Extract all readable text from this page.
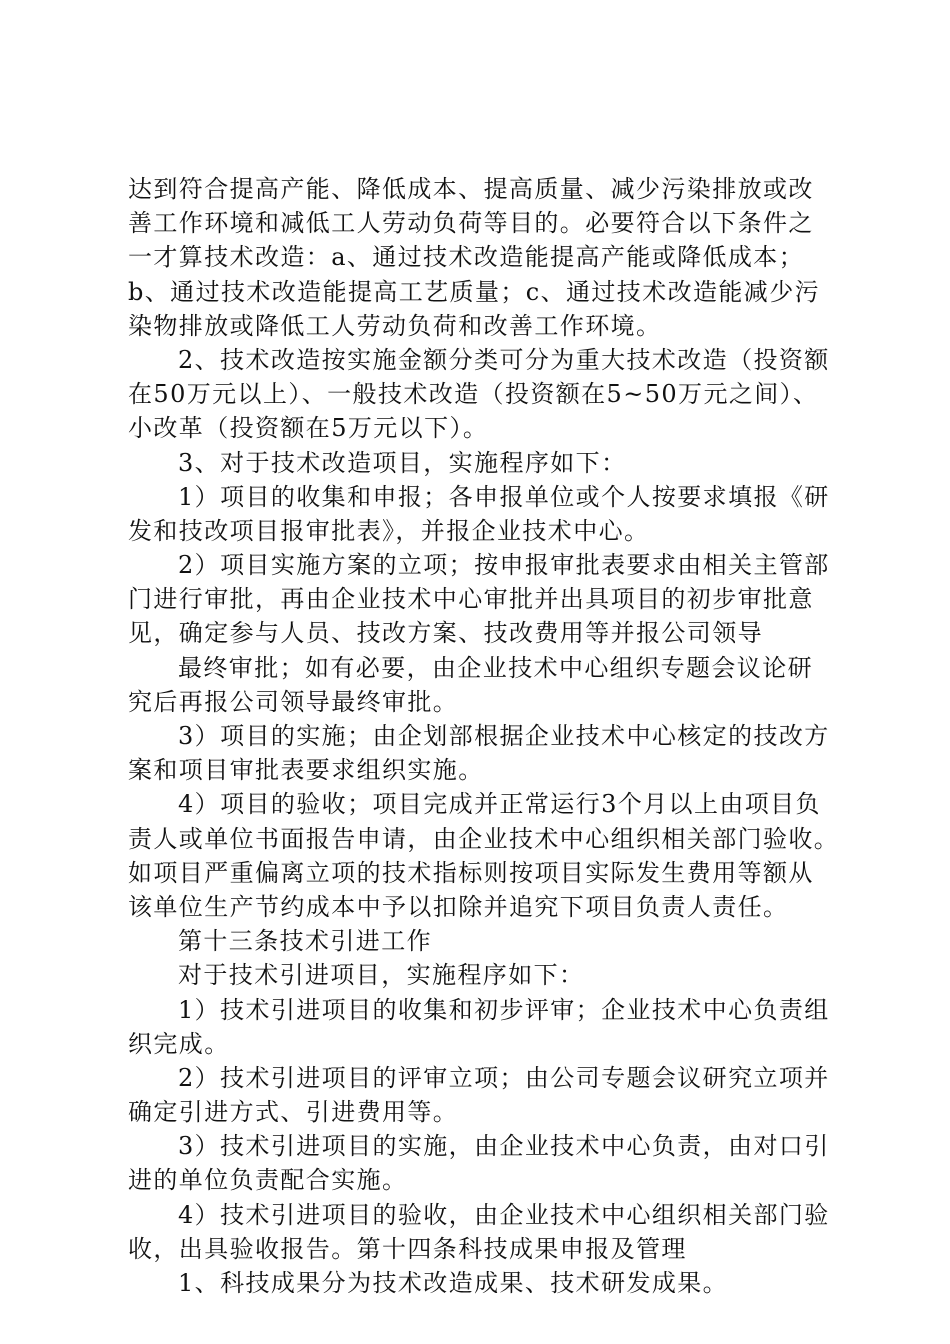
达到符合提高产能、降低成本、提高质量、减少污染排放或改
善工作环境和减低工人劳动负荷等目的。必要符合以下条件之
一才算技术改造：a、通过技术改造能提高产能或降低成本；
b、通过技术改造能提高工艺质量；c、通过技术改造能减少污
染物排放或降低工人劳动负荷和改善工作环境。
2、技术改造按实施金额分类可分为重大技术改造（投资额
在50万元以上）、一般技术改造（投资额在5~50万元之间）、
小改革（投资额在5万元以下）。
3、对于技术改造项目，实施程序如下：
1）项目的收集和申报；各申报单位或个人按要求填报《研
发和技改项目报审批表》，并报企业技术中心。
2）项目实施方案的立项；按申报审批表要求由相关主管部
门进行审批，再由企业技术中心审批并出具项目的初步审批意
见，确定参与人员、技改方案、技改费用等并报公司领导
最终审批；如有必要，由企业技术中心组织专题会议论研
究后再报公司领导最终审批。
3）项目的实施；由企划部根据企业技术中心核定的技改方
案和项目审批表要求组织实施。
4）项目的验收；项目完成并正常运行3个月以上由项目负
责人或单位书面报告申请，由企业技术中心组织相关部门验收。
如项目严重偏离立项的技术指标则按项目实际发生费用等额从
该单位生产节约成本中予以扣除并追究下项目负责人责任。
第十三条技术引进工作
对于技术引进项目，实施程序如下：
1）技术引进项目的收集和初步评审；企业技术中心负责组
织完成。
2）技术引进项目的评审立项；由公司专题会议研究立项并
确定引进方式、引进费用等。
3）技术引进项目的实施，由企业技术中心负责，由对口引
进的单位负责配合实施。
4）技术引进项目的验收，由企业技术中心组织相关部门验
收，出具验收报告。第十四条科技成果申报及管理
1、科技成果分为技术改造成果、技术研发成果。
